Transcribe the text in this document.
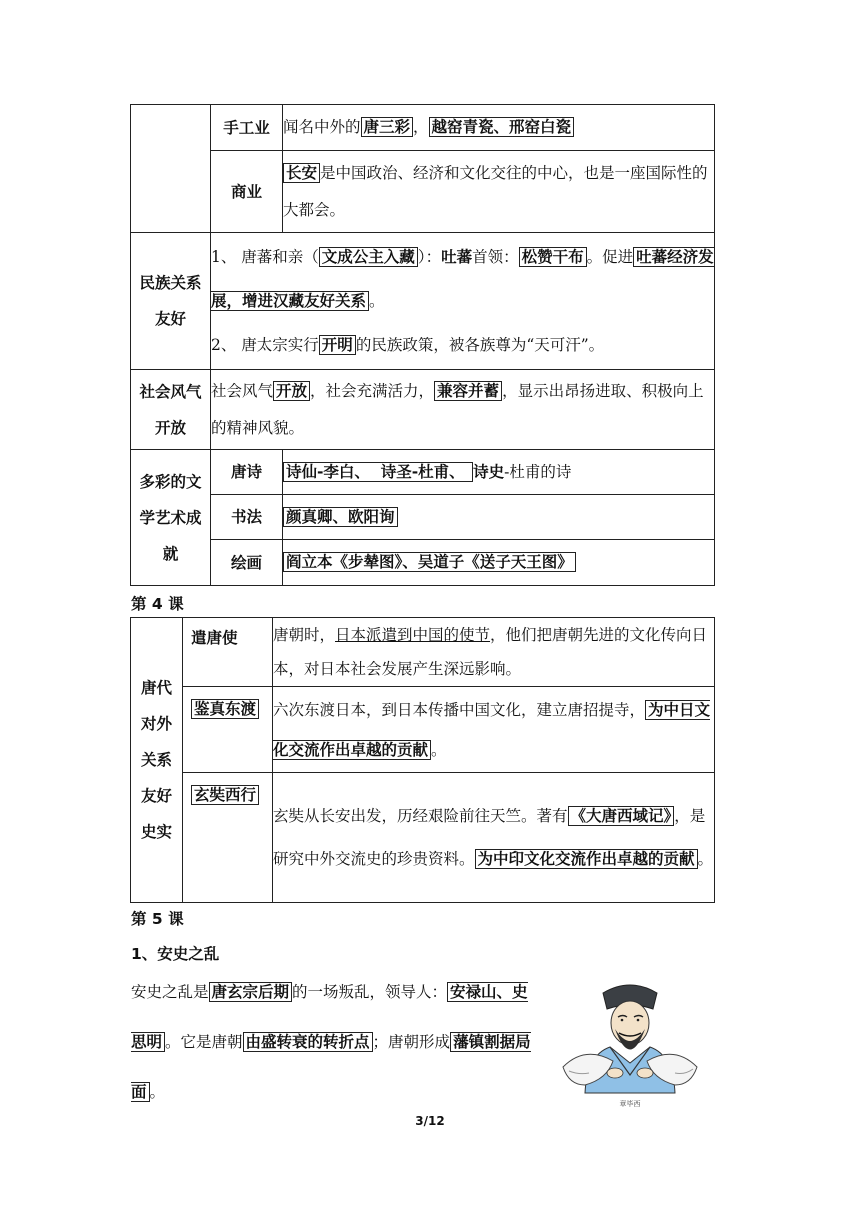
	手工业	闻名中外的 唐三彩 ， 越窑青瓷、邢窑白瓷
	商业	长安 是中国政治、经济和文化交往的中心，也是一座国际性的大都会。
民族关系友好	1、 唐蕃和亲（ 文成公主入藏 ）：吐蕃首领： 松赞干布 。促进 吐蕃经济发展，增进汉藏友好关系 。
2、 唐太宗实行 开明 的民族政策，被各族尊为“天可汗”。	

社会风气开放	社会风气 开放 ，社会充满活力， 兼容并蓄 ，显示出昂扬进取、积极向上的精神风貌。	
多彩的文学艺术成就	唐诗	诗仙-李白、  诗圣-杜甫、 诗史-杜甫的诗
	书法	颜真卿、欧阳询
	绘画	阎立本《步辇图》、吴道子《送子天王图》
第 4 课
唐代对外关系友好史实	遣唐使	唐朝时，日本派遣到中国的使节，他们把唐朝先进的文化传向日本，对日本社会发展产生深远影响。
	鉴真东渡	六次东渡日本，到日本传播中国文化，建立唐招提寺， 为中日文化交流作出卓越的贡献 。
	玄奘西行	玄奘从长安出发，历经艰险前往天竺。著有 《大唐西域记》 ，是研究中外交流史的珍贵资料。 为中印文化交流作出卓越的贡献 。
第 5 课
1、安史之乱
安史之乱是 唐玄宗后期 的一场叛乱，领导人： 安禄山、史思明 。它是唐朝 由盛转衰的转折点 ；唐朝形成 藩镇割据局面 。
章毕西
3/12
